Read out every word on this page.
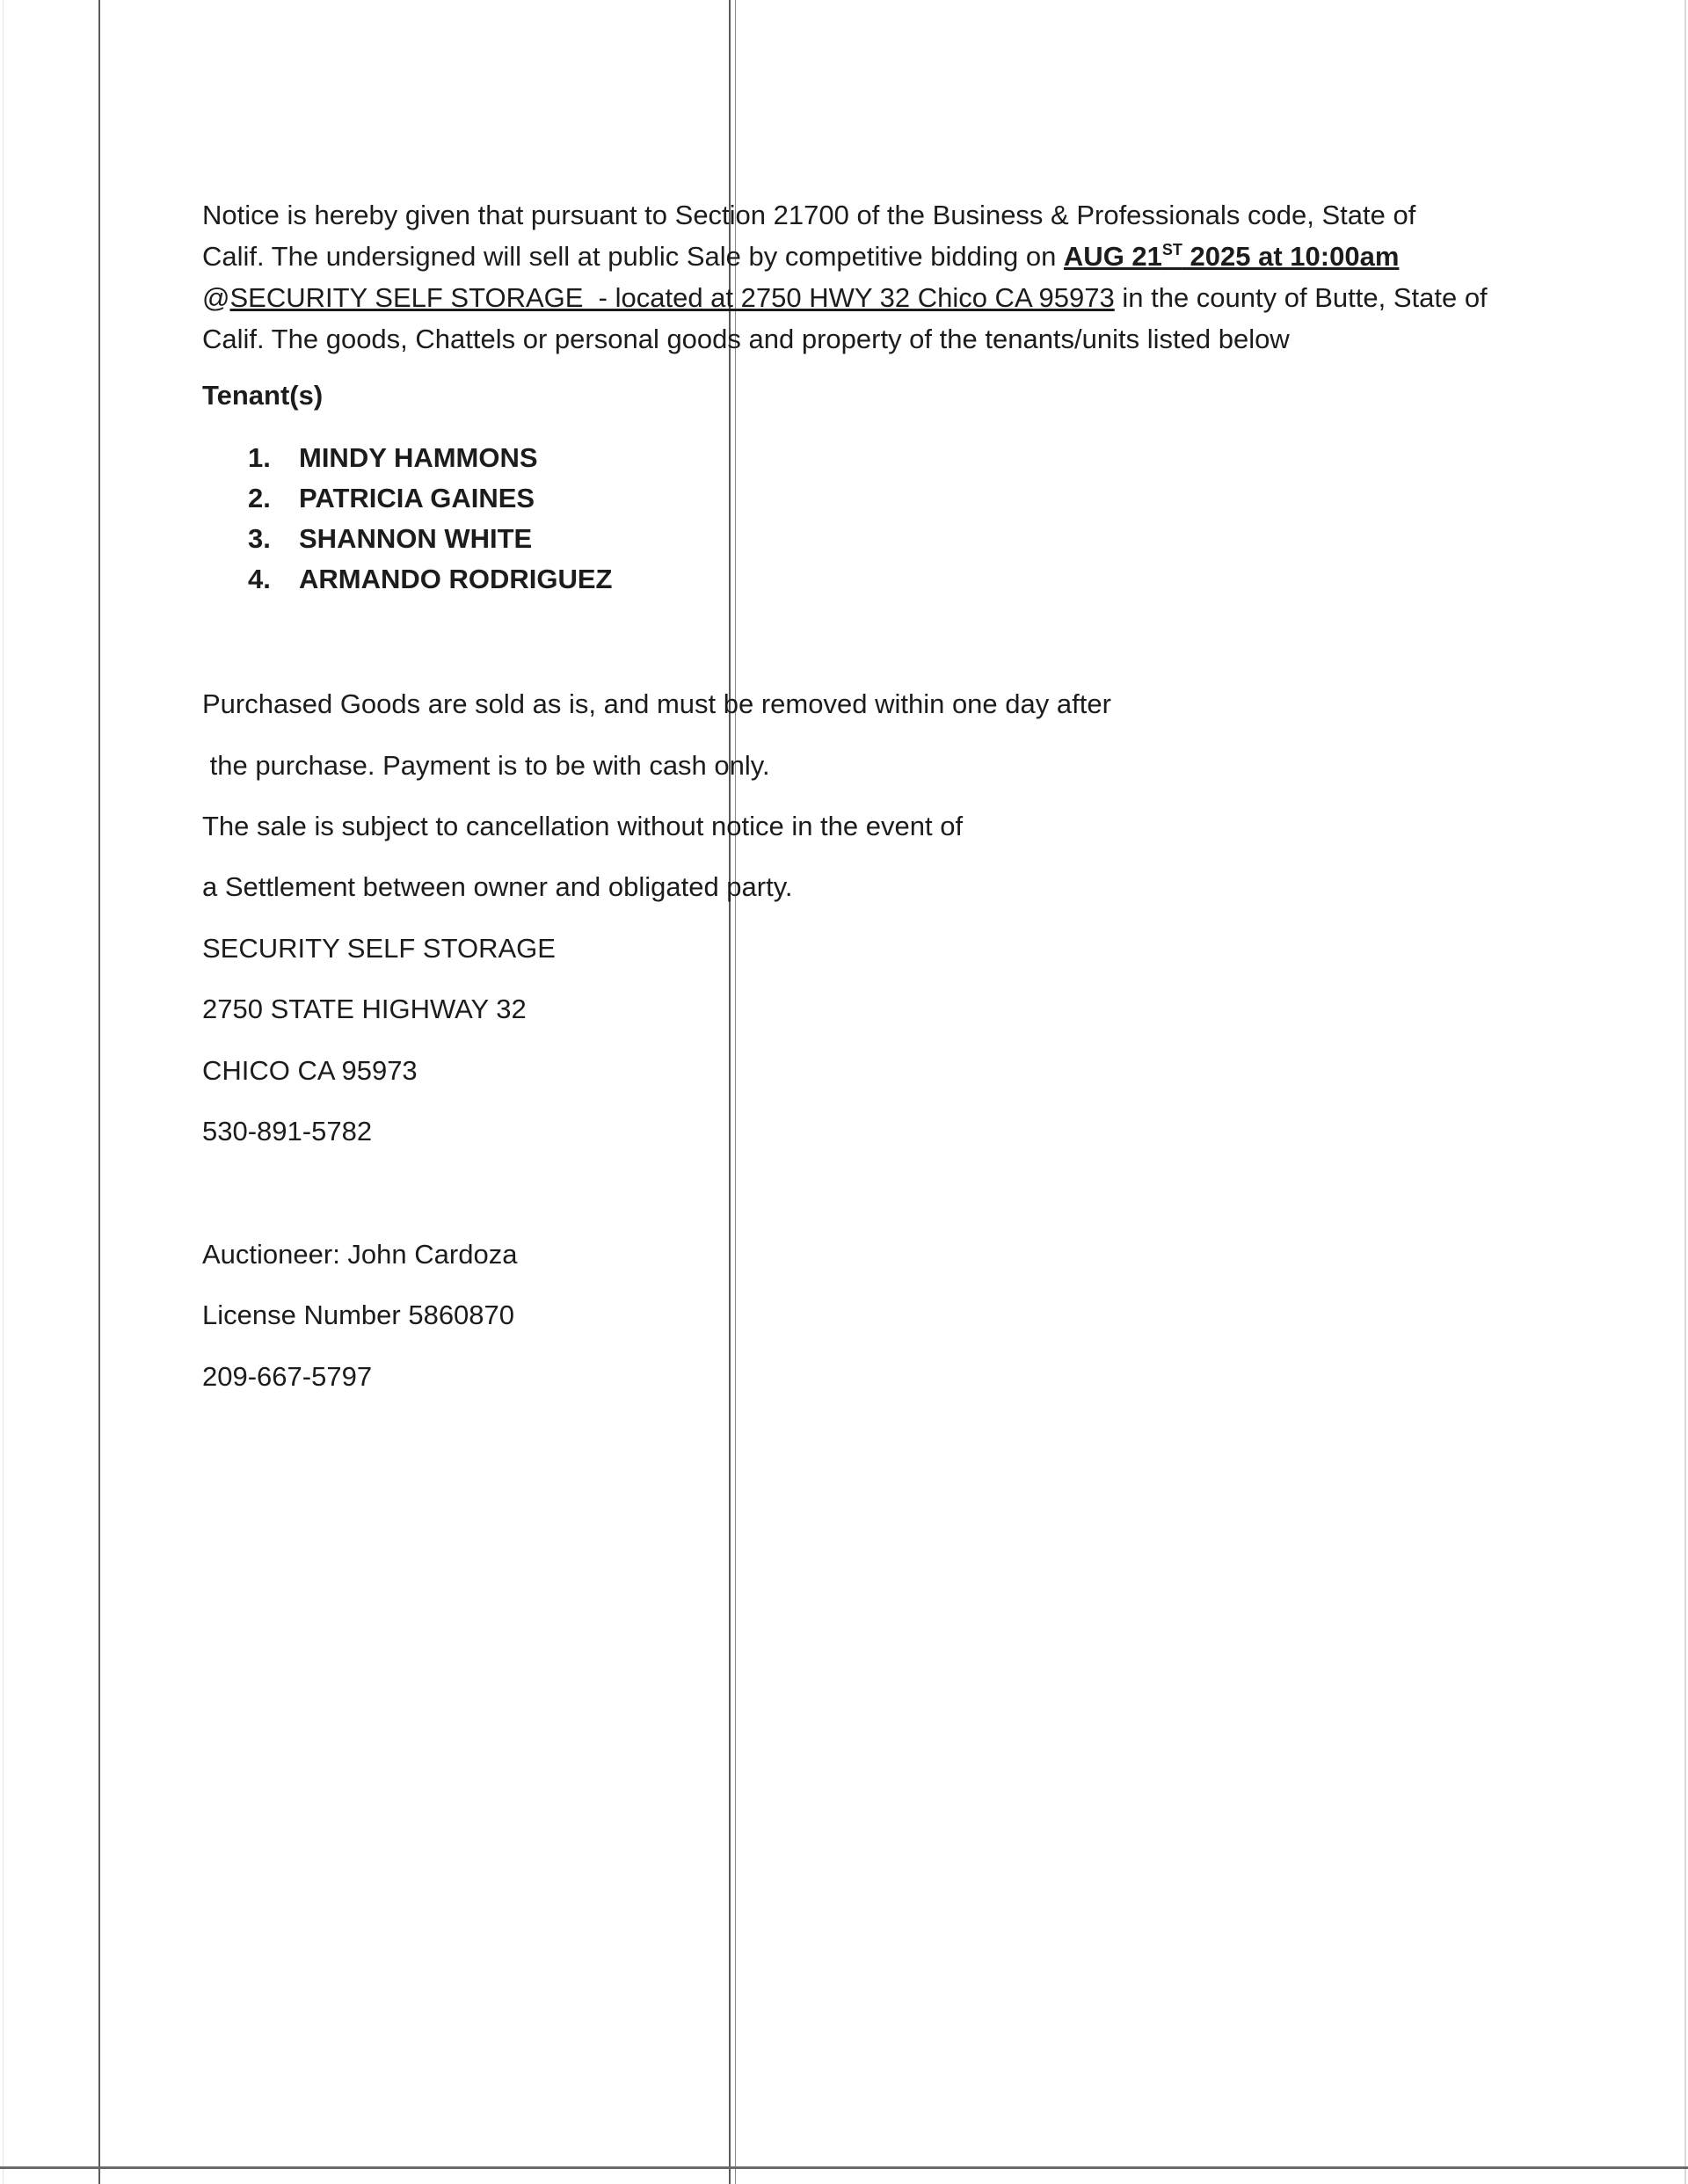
Notice is hereby given that pursuant to Section 21700 of the Business & Professionals code, State of
Calif. The undersigned will sell at public Sale by competitive bidding on AUG 21ST 2025 at 10:00am
@SECURITY SELF STORAGE  - located at 2750 HWY 32 Chico CA 95973 in the county of Butte, State of
Calif. The goods, Chattels or personal goods and property of the tenants/units listed below
Tenant(s)
1. MINDY HAMMONS
2. PATRICIA GAINES
3. SHANNON WHITE
4. ARMANDO RODRIGUEZ
Purchased Goods are sold as is, and must be removed within one day after
the purchase. Payment is to be with cash only.
The sale is subject to cancellation without notice in the event of
a Settlement between owner and obligated party.
SECURITY SELF STORAGE
2750 STATE HIGHWAY 32
CHICO CA 95973
530-891-5782
Auctioneer: John Cardoza
License Number 5860870
209-667-5797
